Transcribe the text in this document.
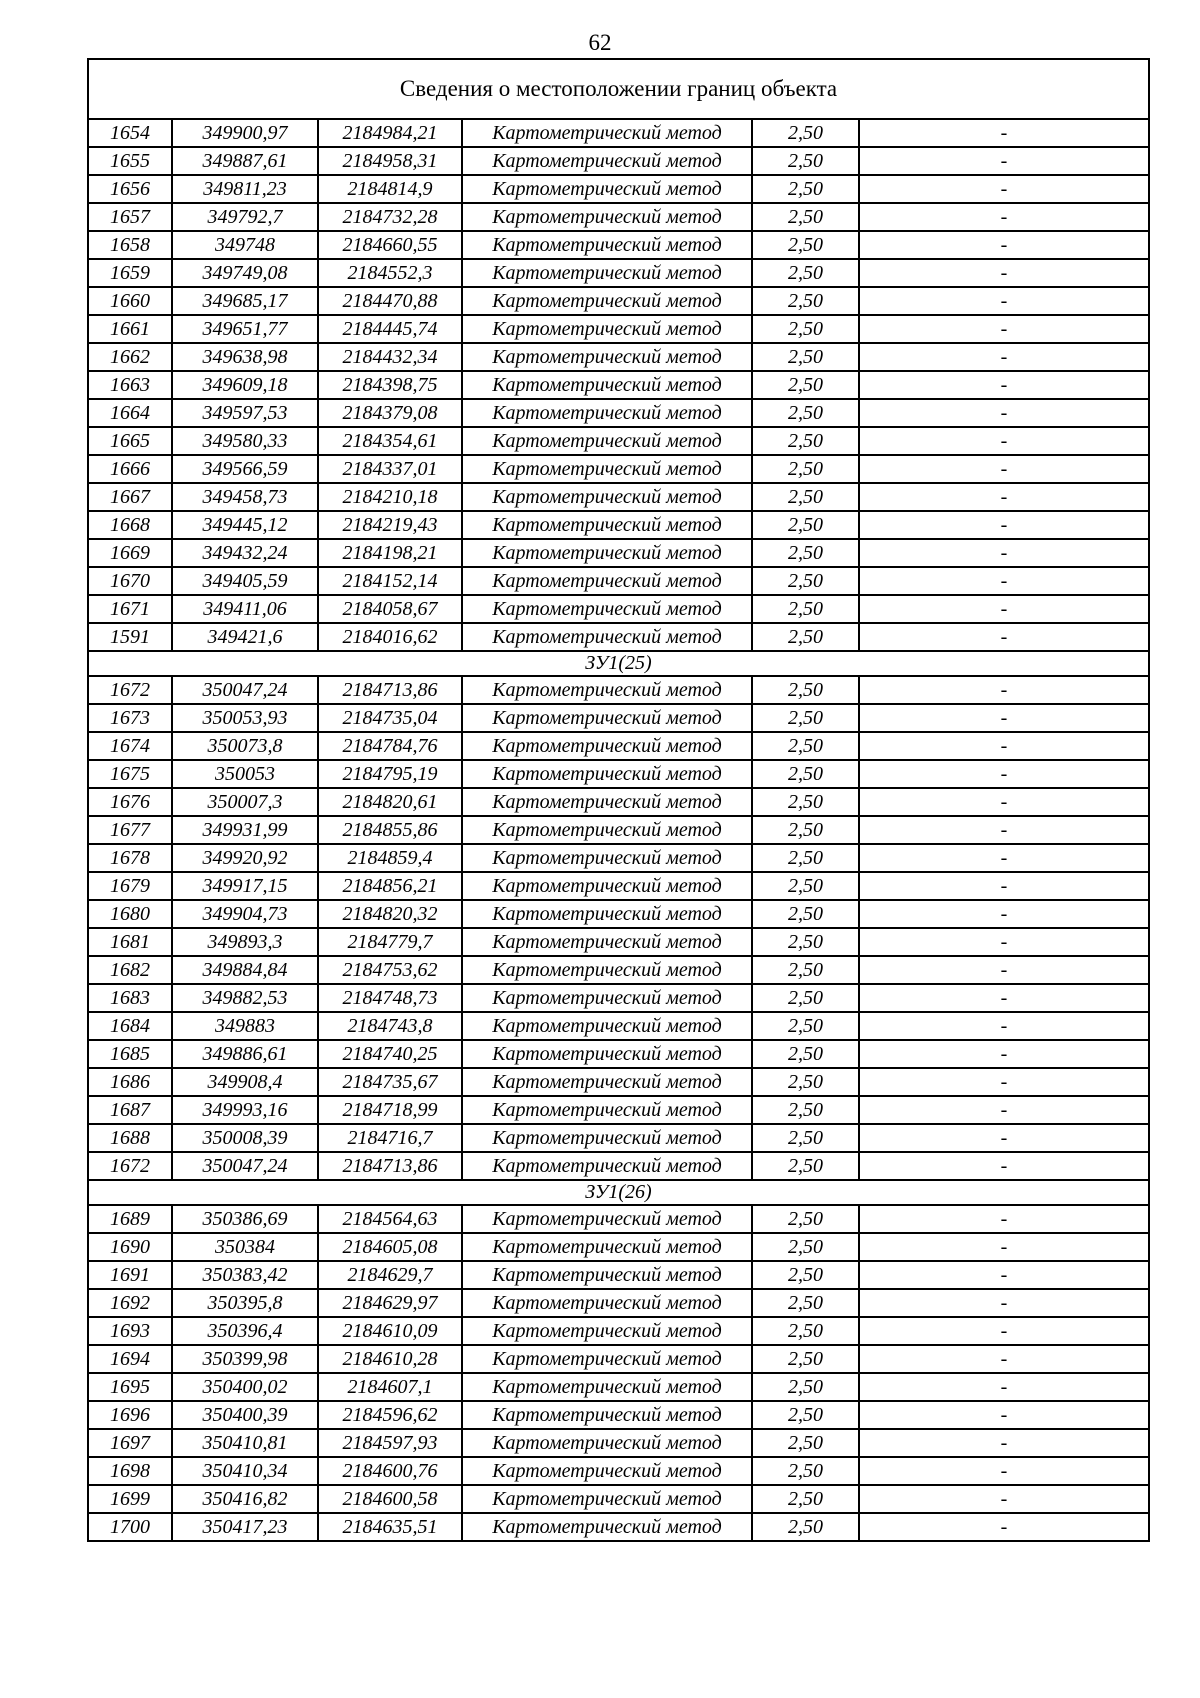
62
Сведения о местоположении границ объекта					
1654	349900,97	2184984,21	Картометрический метод	2,50	-
1655	349887,61	2184958,31	Картометрический метод	2,50	-
1656	349811,23	2184814,9	Картометрический метод	2,50	-
1657	349792,7	2184732,28	Картометрический метод	2,50	-
1658	349748	2184660,55	Картометрический метод	2,50	-
1659	349749,08	2184552,3	Картометрический метод	2,50	-
1660	349685,17	2184470,88	Картометрический метод	2,50	-
1661	349651,77	2184445,74	Картометрический метод	2,50	-
1662	349638,98	2184432,34	Картометрический метод	2,50	-
1663	349609,18	2184398,75	Картометрический метод	2,50	-
1664	349597,53	2184379,08	Картометрический метод	2,50	-
1665	349580,33	2184354,61	Картометрический метод	2,50	-
1666	349566,59	2184337,01	Картометрический метод	2,50	-
1667	349458,73	2184210,18	Картометрический метод	2,50	-
1668	349445,12	2184219,43	Картометрический метод	2,50	-
1669	349432,24	2184198,21	Картометрический метод	2,50	-
1670	349405,59	2184152,14	Картометрический метод	2,50	-
1671	349411,06	2184058,67	Картометрический метод	2,50	-
1591	349421,6	2184016,62	Картометрический метод	2,50	-
ЗУ1(25)					
1672	350047,24	2184713,86	Картометрический метод	2,50	-
1673	350053,93	2184735,04	Картометрический метод	2,50	-
1674	350073,8	2184784,76	Картометрический метод	2,50	-
1675	350053	2184795,19	Картометрический метод	2,50	-
1676	350007,3	2184820,61	Картометрический метод	2,50	-
1677	349931,99	2184855,86	Картометрический метод	2,50	-
1678	349920,92	2184859,4	Картометрический метод	2,50	-
1679	349917,15	2184856,21	Картометрический метод	2,50	-
1680	349904,73	2184820,32	Картометрический метод	2,50	-
1681	349893,3	2184779,7	Картометрический метод	2,50	-
1682	349884,84	2184753,62	Картометрический метод	2,50	-
1683	349882,53	2184748,73	Картометрический метод	2,50	-
1684	349883	2184743,8	Картометрический метод	2,50	-
1685	349886,61	2184740,25	Картометрический метод	2,50	-
1686	349908,4	2184735,67	Картометрический метод	2,50	-
1687	349993,16	2184718,99	Картометрический метод	2,50	-
1688	350008,39	2184716,7	Картометрический метод	2,50	-
1672	350047,24	2184713,86	Картометрический метод	2,50	-
ЗУ1(26)					
1689	350386,69	2184564,63	Картометрический метод	2,50	-
1690	350384	2184605,08	Картометрический метод	2,50	-
1691	350383,42	2184629,7	Картометрический метод	2,50	-
1692	350395,8	2184629,97	Картометрический метод	2,50	-
1693	350396,4	2184610,09	Картометрический метод	2,50	-
1694	350399,98	2184610,28	Картометрический метод	2,50	-
1695	350400,02	2184607,1	Картометрический метод	2,50	-
1696	350400,39	2184596,62	Картометрический метод	2,50	-
1697	350410,81	2184597,93	Картометрический метод	2,50	-
1698	350410,34	2184600,76	Картометрический метод	2,50	-
1699	350416,82	2184600,58	Картометрический метод	2,50	-
1700	350417,23	2184635,51	Картометрический метод	2,50	-
